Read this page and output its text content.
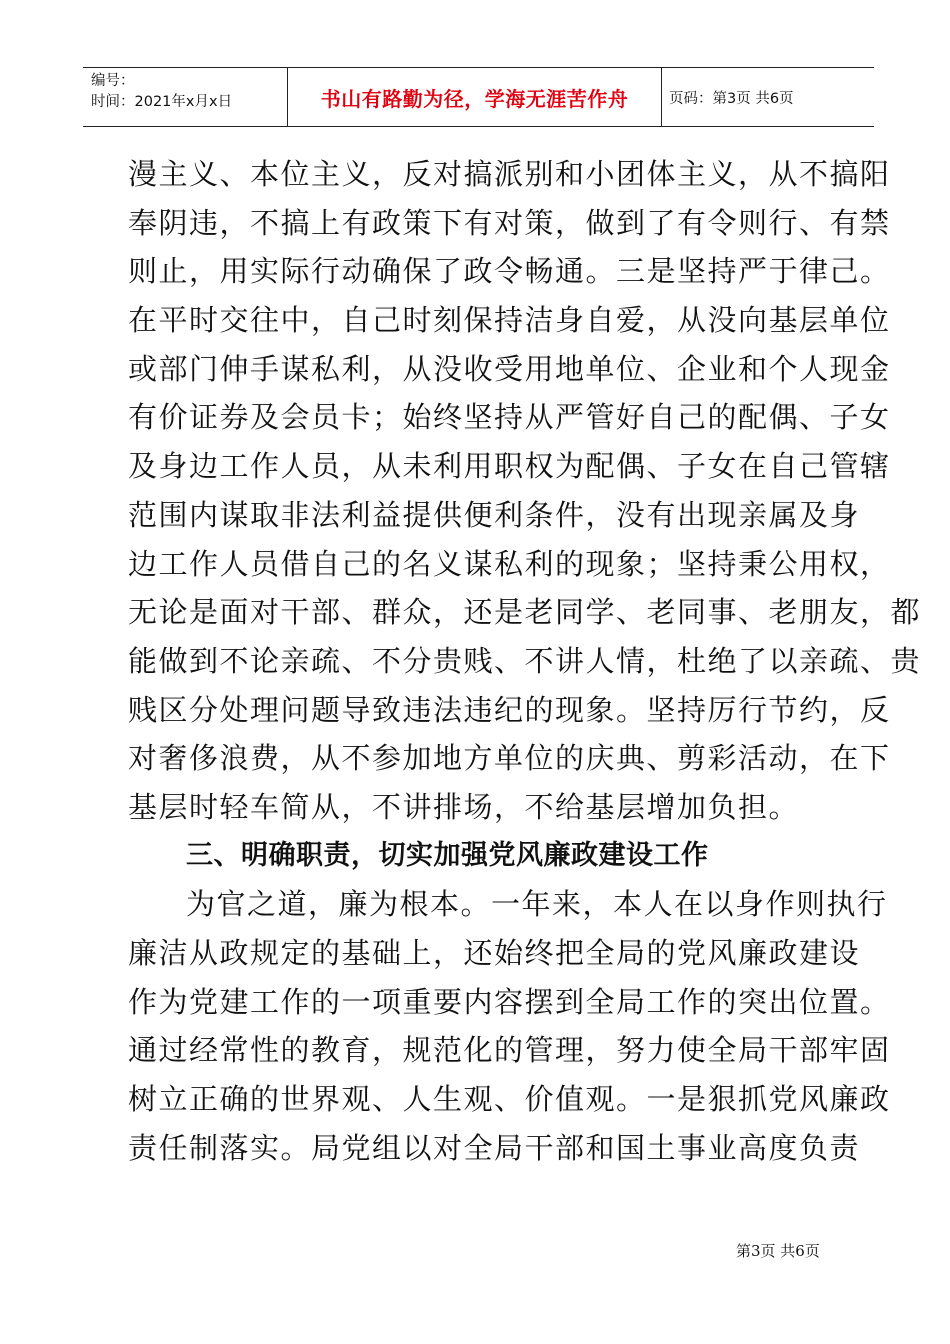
编号：
时间：2021年x月x日	书山有路勤为径，学海无涯苦作舟	页码：第3页 共6页
漫主义、本位主义，反对搞派别和小团体主义，从不搞阳
奉阴违，不搞上有政策下有对策，做到了有令则行、有禁
则止，用实际行动确保了政令畅通。三是坚持严于律己。
在平时交往中，自己时刻保持洁身自爱，从没向基层单位
或部门伸手谋私利，从没收受用地单位、企业和个人现金
有价证券及会员卡；始终坚持从严管好自己的配偶、子女
及身边工作人员，从未利用职权为配偶、子女在自己管辖
范围内谋取非法利益提供便利条件，没有出现亲属及身
边工作人员借自己的名义谋私利的现象；坚持秉公用权，
无论是面对干部、群众，还是老同学、老同事、老朋友，都
能做到不论亲疏、不分贵贱、不讲人情，杜绝了以亲疏、贵
贱区分处理问题导致违法违纪的现象。坚持厉行节约，反
对奢侈浪费，从不参加地方单位的庆典、剪彩活动，在下
基层时轻车简从，不讲排场，不给基层增加负担。
三、明确职责，切实加强党风廉政建设工作
为官之道，廉为根本。一年来，本人在以身作则执行
廉洁从政规定的基础上，还始终把全局的党风廉政建设
作为党建工作的一项重要内容摆到全局工作的突出位置。
通过经常性的教育，规范化的管理，努力使全局干部牢固
树立正确的世界观、人生观、价值观。一是狠抓党风廉政
责任制落实。局党组以对全局干部和国土事业高度负责
第3页 共6页
